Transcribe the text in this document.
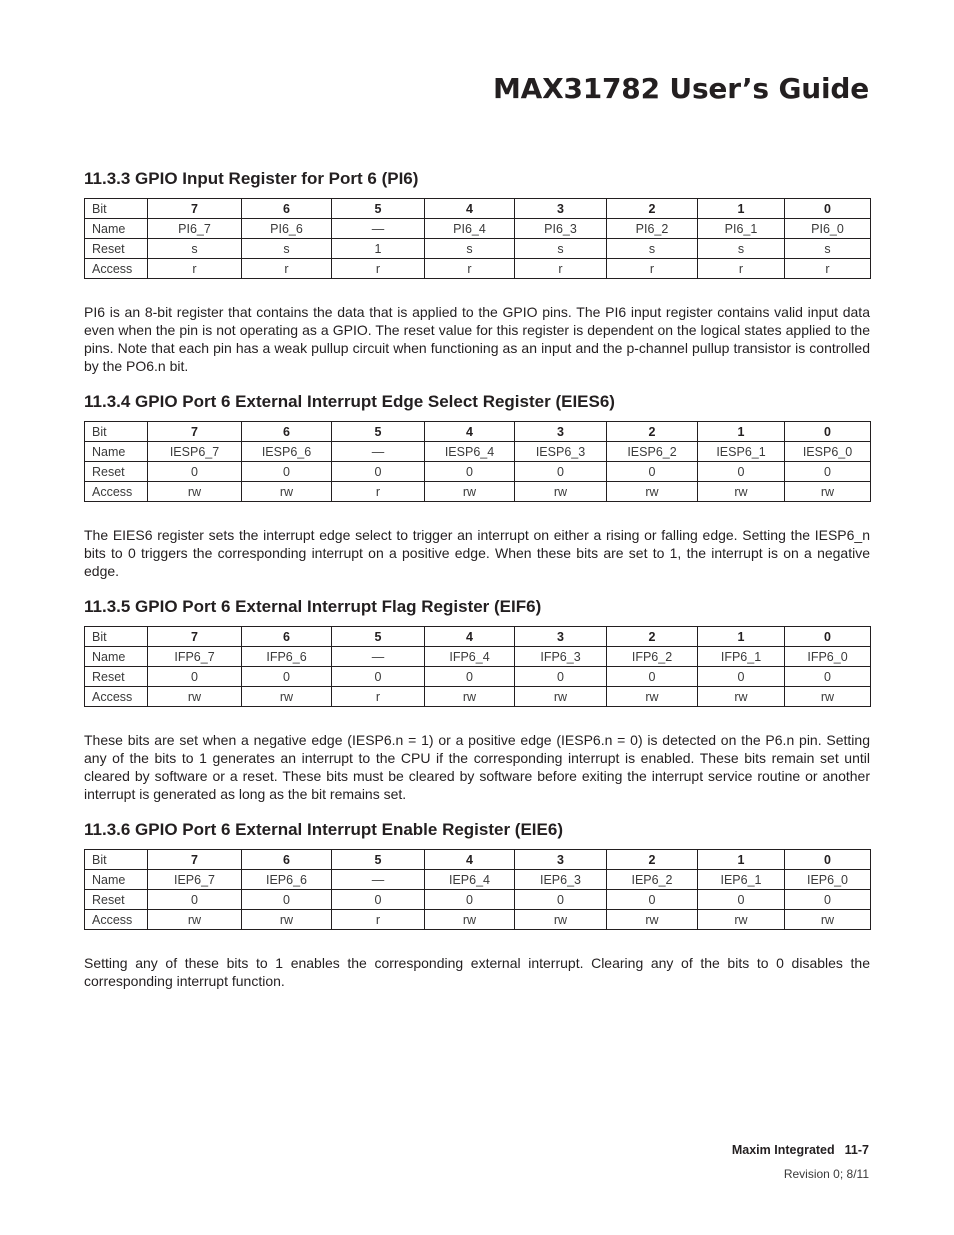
MAX31782 User’s Guide
11.3.3 GPIO Input Register for Port 6 (PI6)
Bit	7	6	5	4	3	2	1	0
Name	PI6_7	PI6_6	—	PI6_4	PI6_3	PI6_2	PI6_1	PI6_0
Reset	s	s	1	s	s	s	s	s
Access	r	r	r	r	r	r	r	r

PI6 is an 8-bit register that contains the data that is applied to the GPIO pins. The PI6 input register contains valid input data even when the pin is not operating as a GPIO. The reset value for this register is dependent on the logical states applied to the pins. Note that each pin has a weak pullup circuit when functioning as an input and the p-channel pullup transistor is controlled by the PO6.n bit.

11.3.4 GPIO Port 6 External Interrupt Edge Select Register (EIES6)
Bit	7	6	5	4	3	2	1	0
Name	IESP6_7	IESP6_6	—	IESP6_4	IESP6_3	IESP6_2	IESP6_1	IESP6_0
Reset	0	0	0	0	0	0	0	0
Access	rw	rw	r	rw	rw	rw	rw	rw

The EIES6 register sets the interrupt edge select to trigger an interrupt on either a rising or falling edge. Setting the IESP6_n bits to 0 triggers the corresponding interrupt on a positive edge. When these bits are set to 1, the interrupt is on a negative edge.

11.3.5 GPIO Port 6 External Interrupt Flag Register (EIF6)
Bit	7	6	5	4	3	2	1	0
Name	IFP6_7	IFP6_6	—	IFP6_4	IFP6_3	IFP6_2	IFP6_1	IFP6_0
Reset	0	0	0	0	0	0	0	0
Access	rw	rw	r	rw	rw	rw	rw	rw

These bits are set when a negative edge (IESP6.n = 1) or a positive edge (IESP6.n = 0) is detected on the P6.n pin. Setting any of the bits to 1 generates an interrupt to the CPU if the corresponding interrupt is enabled. These bits remain set until cleared by software or a reset. These bits must be cleared by software before exiting the interrupt service routine or another interrupt is generated as long as the bit remains set.

11.3.6 GPIO Port 6 External Interrupt Enable Register (EIE6)
Bit	7	6	5	4	3	2	1	0
Name	IEP6_7	IEP6_6	—	IEP6_4	IEP6_3	IEP6_2	IEP6_1	IEP6_0
Reset	0	0	0	0	0	0	0	0
Access	rw	rw	r	rw	rw	rw	rw	rw

Setting any of these bits to 1 enables the corresponding external interrupt. Clearing any of the bits to 0 disables the corresponding interrupt function.

Maxim Integrated 11-7
Revision 0; 8/11
